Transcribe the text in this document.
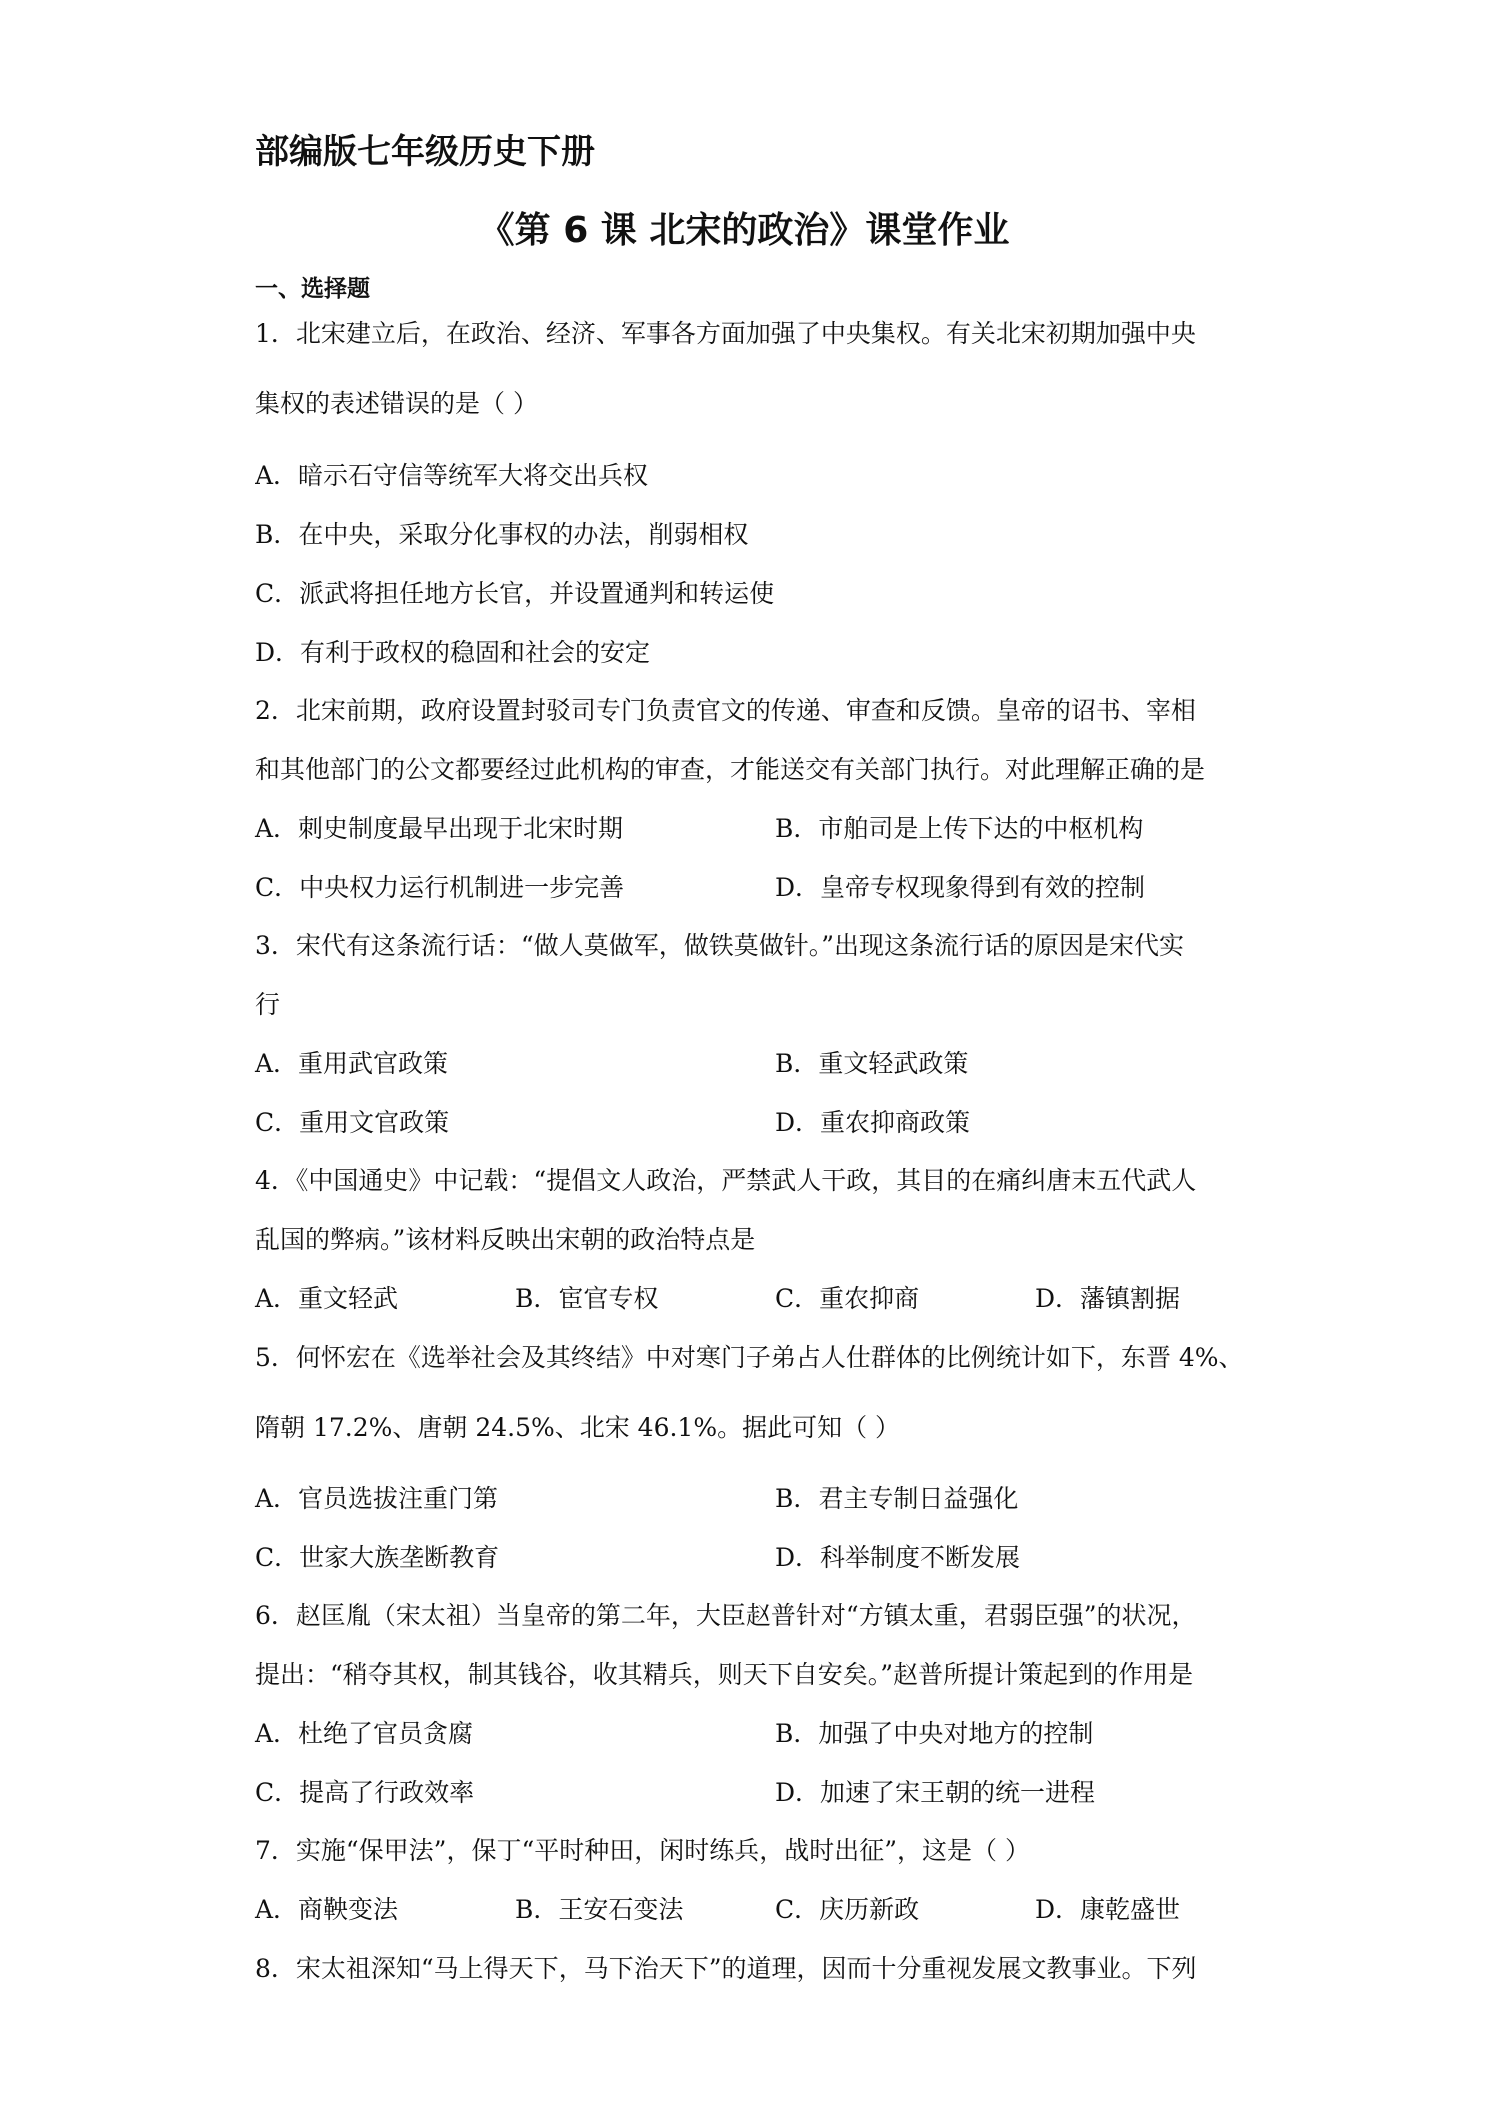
部编版七年级历史下册
《第 6 课 北宋的政治》课堂作业
一、选择题
1．北宋建立后，在政治、经济、军事各方面加强了中央集权。有关北宋初期加强中央
集权的表述错误的是（ ）
A．暗示石守信等统军大将交出兵权
B．在中央，采取分化事权的办法，削弱相权
C．派武将担任地方长官，并设置通判和转运使
D．有利于政权的稳固和社会的安定
2．北宋前期，政府设置封驳司专门负责官文的传递、审查和反馈。皇帝的诏书、宰相
和其他部门的公文都要经过此机构的审查，才能送交有关部门执行。对此理解正确的是
A．刺史制度最早出现于北宋时期	B．市舶司是上传下达的中枢机构
C．中央权力运行机制进一步完善	D．皇帝专权现象得到有效的控制
3．宋代有这条流行话：“做人莫做军，做铁莫做针。”出现这条流行话的原因是宋代实
行
A．重用武官政策	B．重文轻武政策
C．重用文官政策	D．重农抑商政策
4．《中国通史》中记载：“提倡文人政治，严禁武人干政，其目的在痛纠唐末五代武人
乱国的弊病。”该材料反映出宋朝的政治特点是
A．重文轻武	B．宦官专权	C．重农抑商	D．藩镇割据
5．何怀宏在《选举社会及其终结》中对寒门子弟占人仕群体的比例统计如下，东晋 4%、
隋朝 17.2%、唐朝 24.5%、北宋 46.1%。据此可知（ ）
A．官员选拔注重门第	B．君主专制日益强化
C．世家大族垄断教育	D．科举制度不断发展
6．赵匡胤（宋太祖）当皇帝的第二年，大臣赵普针对“方镇太重，君弱臣强”的状况，
提出：“稍夺其权，制其钱谷，收其精兵，则天下自安矣。”赵普所提计策起到的作用是
A．杜绝了官员贪腐	B．加强了中央对地方的控制
C．提高了行政效率	D．加速了宋王朝的统一进程
7．实施“保甲法”，保丁“平时种田，闲时练兵，战时出征”，这是（ ）
A．商鞅变法	B．王安石变法	C．庆历新政	D．康乾盛世
8．宋太祖深知“马上得天下，马下治天下”的道理，因而十分重视发展文教事业。下列
